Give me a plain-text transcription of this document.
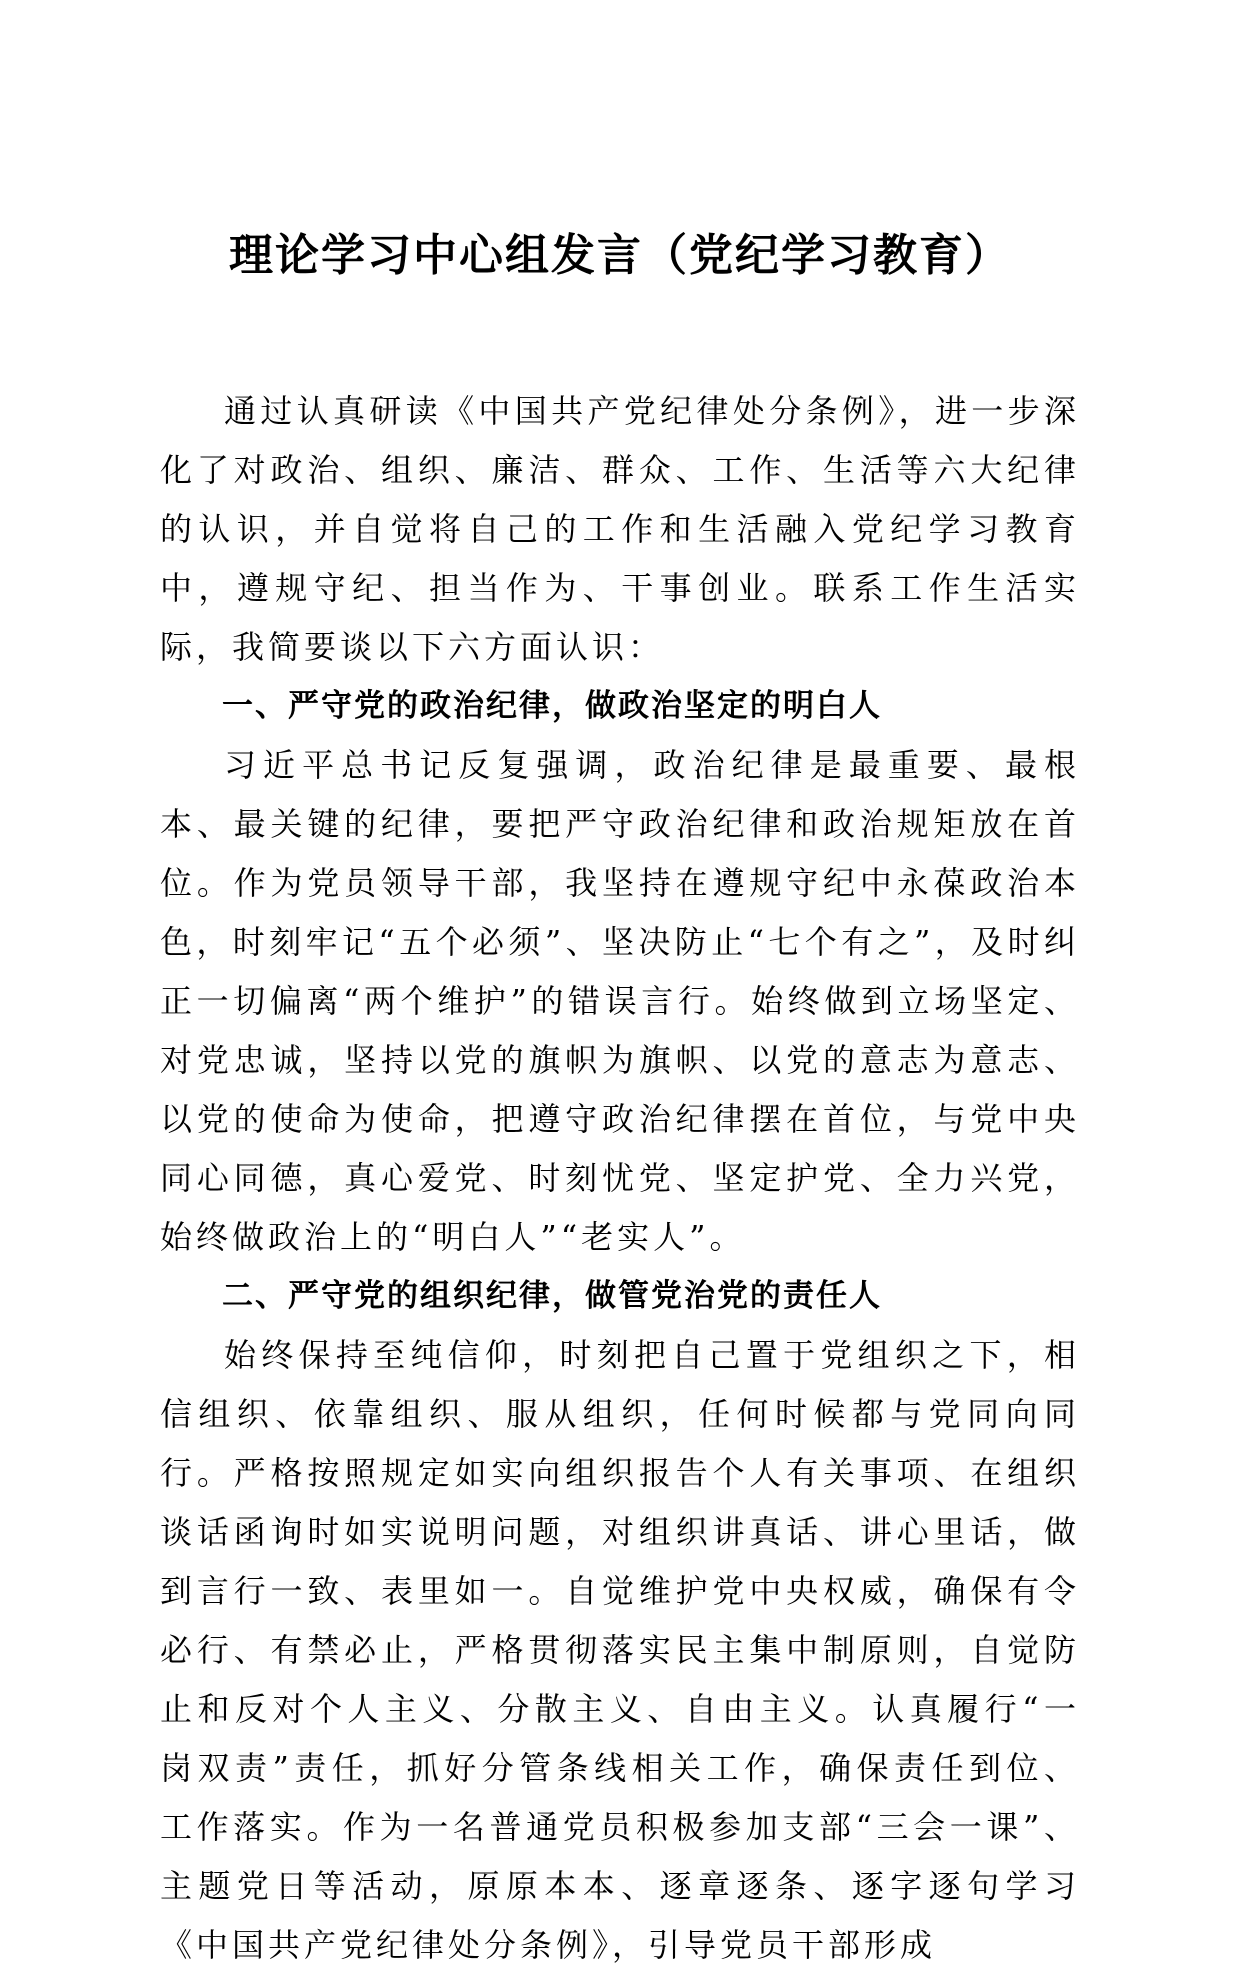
理论学习中心组发言（党纪学习教育）

通过认真研读《中国共产党纪律处分条例》，进一步深化了对政治、组织、廉洁、群众、工作、生活等六大纪律的认识，并自觉将自己的工作和生活融入党纪学习教育中，遵规守纪、担当作为、干事创业。联系工作生活实际，我简要谈以下六方面认识：

一、严守党的政治纪律，做政治坚定的明白人

习近平总书记反复强调，政治纪律是最重要、最根本、最关键的纪律，要把严守政治纪律和政治规矩放在首位。作为党员领导干部，我坚持在遵规守纪中永葆政治本色，时刻牢记“五个必须”、坚决防止“七个有之”，及时纠正一切偏离“两个维护”的错误言行。始终做到立场坚定、对党忠诚，坚持以党的旗帜为旗帜、以党的意志为意志、以党的使命为使命，把遵守政治纪律摆在首位，与党中央同心同德，真心爱党、时刻忧党、坚定护党、全力兴党，始终做政治上的“明白人”“老实人”。

二、严守党的组织纪律，做管党治党的责任人

始终保持至纯信仰，时刻把自己置于党组织之下，相信组织、依靠组织、服从组织，任何时候都与党同向同行。严格按照规定如实向组织报告个人有关事项、在组织谈话函询时如实说明问题，对组织讲真话、讲心里话，做到言行一致、表里如一。自觉维护党中央权威，确保有令必行、有禁必止，严格贯彻落实民主集中制原则，自觉防止和反对个人主义、分散主义、自由主义。认真履行“一岗双责”责任，抓好分管条线相关工作，确保责任到位、工作落实。作为一名普通党员积极参加支部“三会一课”、主题党日等活动，原原本本、逐章逐条、逐字逐句学习《中国共产党纪律处分条例》，引导党员干部形成
